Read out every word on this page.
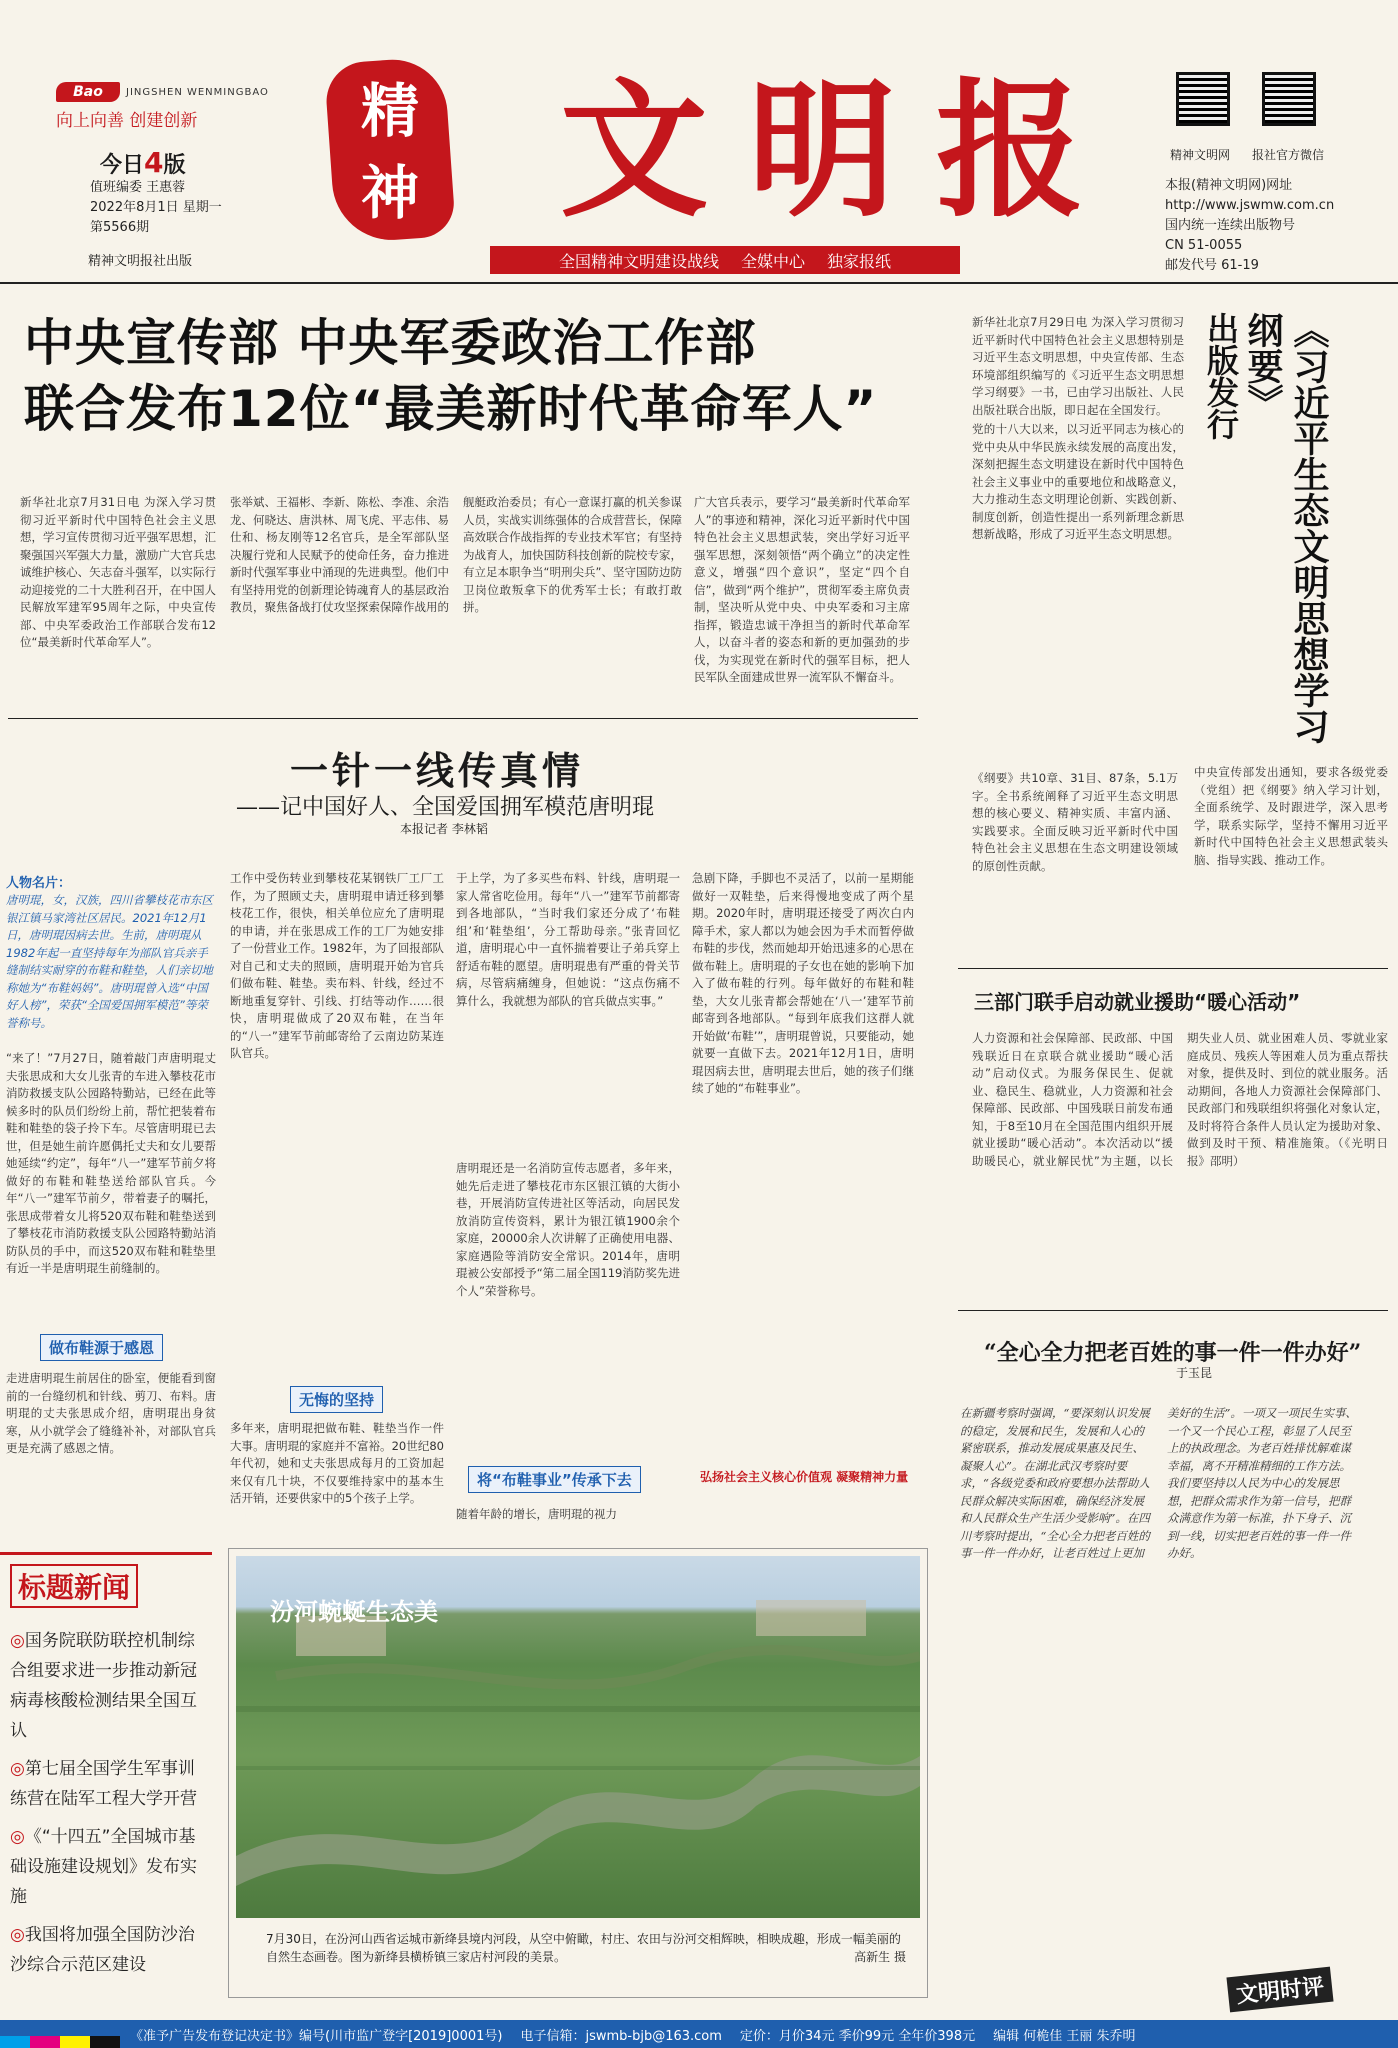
Bao	JINGSHEN WENMINGBAO
向上向善 创建创新
今日4版
值班编委 王惠蓉
2022年8月1日 星期一
第5566期
精神文明报社出版
精神 文明报
全国精神文明建设战线 全媒中心 独家报纸
精神文明网 报社官方微信
本报(精神文明网)网址
http://www.jswmw.com.cn
国内统一连续出版物号
CN 51-0055
邮发代号 61-19
中央宣传部 中央军委政治工作部
联合发布12位“最美新时代革命军人”

新华社北京7月31日电 为深入学习贯彻习近平新时代中国特色社会主义思想，学习宣传贯彻习近平强军思想，汇聚强国兴军强大力量，激励广大官兵忠诚维护核心、矢志奋斗强军，以实际行动迎接党的二十大胜利召开，在中国人民解放军建军95周年之际，中央宣传部、中央军委政治工作部联合发布12位“最美新时代革命军人”。

张举斌、王福彬、李新、陈松、李准、余浩龙、何晓达、唐洪林、周飞虎、平志伟、易仕和、杨友刚等12名官兵，是全军部队坚决履行党和人民赋予的使命任务，奋力推进新时代强军事业中涌现的先进典型。他们中有坚持用党的创新理论铸魂育人的基层政治教员，聚焦备战打仗攻坚探索保障作战用的舰艇政治委员；有心一意谋打赢的机关参谋人员，实战实训练强体的合成营营长，保障高效联合作战指挥的专业技术军官；有坚持为战育人，加快国防科技创新的院校专家，有立足本职争当“明刑尖兵”、坚守国防边防卫岗位敢叛拿下的优秀军士长；有敢打敢拼。

广大官兵表示，要学习“最美新时代革命军人”的事迹和精神，深化习近平新时代中国特色社会主义思想武装，突出学好习近平强军思想，深刻领悟“两个确立”的决定性意义，增强“四个意识”，坚定“四个自信”，做到“两个维护”，贯彻军委主席负责制，坚决听从党中央、中央军委和习主席指挥，锻造忠诚干净担当的新时代革命军人，以奋斗者的姿态和新的更加强劲的步伐，为实现党在新时代的强军目标，把人民军队全面建成世界一流军队不懈奋斗。	《习近平生态文明思想学习纲要》
出版发行

新华社北京7月29日电 为深入学习贯彻习近平新时代中国特色社会主义思想特别是习近平生态文明思想，中央宣传部、生态环境部组织编写的《习近平生态文明思想学习纲要》一书，已由学习出版社、人民出版社联合出版，即日起在全国发行。

党的十八大以来，以习近平同志为核心的党中央从中华民族永续发展的高度出发，深刻把握生态文明建设在新时代中国特色社会主义事业中的重要地位和战略意义，大力推动生态文明理论创新、实践创新、制度创新，创造性提出一系列新理念新思想新战略，形成了习近平生态文明思想。

《纲要》共10章、31目、87条，5.1万字。全书系统阐释了习近平生态文明思想的核心要义、精神实质、丰富内涵、实践要求。全面反映习近平新时代中国特色社会主义思想在生态文明建设领域的原创性贡献。

中央宣传部发出通知，要求各级党委（党组）把《纲要》纳入学习计划，全面系统学、及时跟进学，深入思考学，联系实际学，坚持不懈用习近平新时代中国特色社会主义思想武装头脑、指导实践、推动工作。

三部门联手启动就业援助“暖心活动”

人力资源和社会保障部、民政部、中国残联近日在京联合就业援助“暖心活动”启动仪式。为服务保民生、促就业、稳民生、稳就业，人力资源和社会保障部、民政部、中国残联日前发布通知，于8至10月在全国范围内组织开展就业援助“暖心活动”。本次活动以“援助暖民心，就业解民忧”为主题，以长期失业人员、就业困难人员、零就业家庭成员、残疾人等困难人员为重点帮扶对象，提供及时、到位的就业服务。活动期间，各地人力资源社会保障部门、民政部门和残联组织将强化对象认定，及时将符合条件人员认定为援助对象、做到及时干预、精准施策。（《光明日报》邵明）

“全心全力把老百姓的事一件一件办好”
于玉昆

在新疆考察时强调，“要深刻认识发展的稳定，发展和民生，发展和人心的紧密联系，推动发展成果惠及民生、凝聚人心”。在湖北武汉考察时要求，“各级党委和政府要想办法帮助人民群众解决实际困难，确保经济发展和人民群众生产生活少受影响”。在四川考察时提出，“全心全力把老百姓的事一件一件办好，让老百姓过上更加美好的生活”。一项又一项民生实事、一个又一个民心工程，彰显了人民至上的执政理念。为老百姓排忧解难谋幸福，离不开精准精细的工作方法。我们要坚持以人民为中心的发展思想，把群众需求作为第一信号，把群众满意作为第一标准，扑下身子、沉到一线，切实把老百姓的事一件一件办好。

文明时评
一针一线传真情
——记中国好人、全国爱国拥军模范唐明琨
本报记者 李林韬
人物名片：
唐明琨，女，汉族，四川省攀枝花市东区银江镇马家湾社区居民。2021年12月1日，唐明琨因病去世。生前，唐明琨从1982年起一直坚持每年为部队官兵亲手缝制结实耐穿的布鞋和鞋垫，人们亲切地称她为“布鞋妈妈”。唐明琨曾入选“中国好人榜”，荣获“全国爱国拥军模范”等荣誉称号。

“来了！”7月27日，随着敲门声唐明琨丈夫张思成和大女儿张青的车进入攀枝花市消防救援支队公园路特勤站，已经在此等候多时的队员们纷纷上前，帮忙把装着布鞋和鞋垫的袋子拎下车。尽管唐明琨已去世，但是她生前许愿偶托丈夫和女儿要帮她延续“约定”，每年“八一”建军节前夕将做好的布鞋和鞋垫送给部队官兵。今年“八一”建军节前夕，带着妻子的嘱托，张思成带着女儿将520双布鞋和鞋垫送到了攀枝花市消防救援支队公园路特勤站消防队员的手中，而这520双布鞋和鞋垫里有近一半是唐明琨生前缝制的。

做布鞋源于感恩

走进唐明琨生前居住的卧室，便能看到窗前的一台缝纫机和针线、剪刀、布料。唐明琨的丈夫张思成介绍，唐明琨出身贫寒，从小就学会了缝缝补补，对部队官兵更是充满了感恩之情。

工作中受伤转业到攀枝花某钢铁厂工厂工作，为了照顾丈夫，唐明琨申请迁移到攀枝花工作，很快，相关单位应允了唐明琨的申请，并在张思成工作的工厂为她安排了一份营业工作。1982年，为了回报部队对自己和丈夫的照顾，唐明琨开始为官兵们做布鞋、鞋垫。卖布料、针线，经过不断地重复穿针、引线、打结等动作……很快，唐明琨做成了20双布鞋，在当年的“八一”建军节前邮寄给了云南边防某连队官兵。

无悔的坚持

多年来，唐明琨把做布鞋、鞋垫当作一件大事。唐明琨的家庭并不富裕。20世纪80年代初，她和丈夫张思成每月的工资加起来仅有几十块，不仅要维持家中的基本生活开销，还要供家中的5个孩子上学。

于上学，为了多买些布料、针线，唐明琨一家人常省吃俭用。每年“八一”建军节前都寄到各地部队，“当时我们家还分成了‘布鞋组’和‘鞋垫组’，分工帮助母亲。”张青回忆道，唐明琨心中一直怀揣着要让子弟兵穿上舒适布鞋的愿望。唐明琨患有严重的骨关节病，尽管病痛缠身，但她说：“这点伤痛不算什么，我就想为部队的官兵做点实事。”

唐明琨还是一名消防宣传志愿者，多年来，她先后走进了攀枝花市东区银江镇的大街小巷，开展消防宣传进社区等活动，向居民发放消防宣传资料，累计为银江镇1900余个家庭，20000余人次讲解了正确使用电器、家庭遇险等消防安全常识。2014年，唐明琨被公安部授予“第二届全国119消防奖先进个人”荣誉称号。

将“布鞋事业”传承下去

随着年龄的增长，唐明琨的视力

急剧下降，手脚也不灵活了，以前一星期能做好一双鞋垫，后来得慢地变成了两个星期。2020年时，唐明琨还接受了两次白内障手术，家人都以为她会因为手术而暂停做布鞋的步伐，然而她却开始迅速多的心思在做布鞋上。唐明琨的子女也在她的影响下加入了做布鞋的行列。每年做好的布鞋和鞋垫，大女儿张青都会帮她在‘八一’建军节前邮寄到各地部队。“每到年底我们这群人就开始做‘布鞋’”，唐明琨曾说，只要能动，她就要一直做下去。2021年12月1日，唐明琨因病去世，唐明琨去世后，她的孩子们继续了她的“布鞋事业”。

弘扬社会主义核心价值观 凝聚精神力量
标题新闻
◎国务院联防联控机制综合组要求进一步推动新冠病毒核酸检测结果全国互认
◎第七届全国学生军事训练营在陆军工程大学开营
◎《“十四五”全国城市基础设施建设规划》发布实施
◎我国将加强全国防沙治沙综合示范区建设
汾河蜿蜒生态美
7月30日，在汾河山西省运城市新绛县境内河段，从空中俯瞰，村庄、农田与汾河交相辉映，相映成趣，形成一幅美丽的自然生态画卷。图为新绛县横桥镇三家店村河段的美景。	高新生 摄
《准予广告发布登记决定书》编号(川市监广登字[2019]0001号) 电子信箱：jswmb-bjb@163.com 定价：月价34元 季价99元 全年价398元 编辑 何桅佳 王丽 朱乔明
